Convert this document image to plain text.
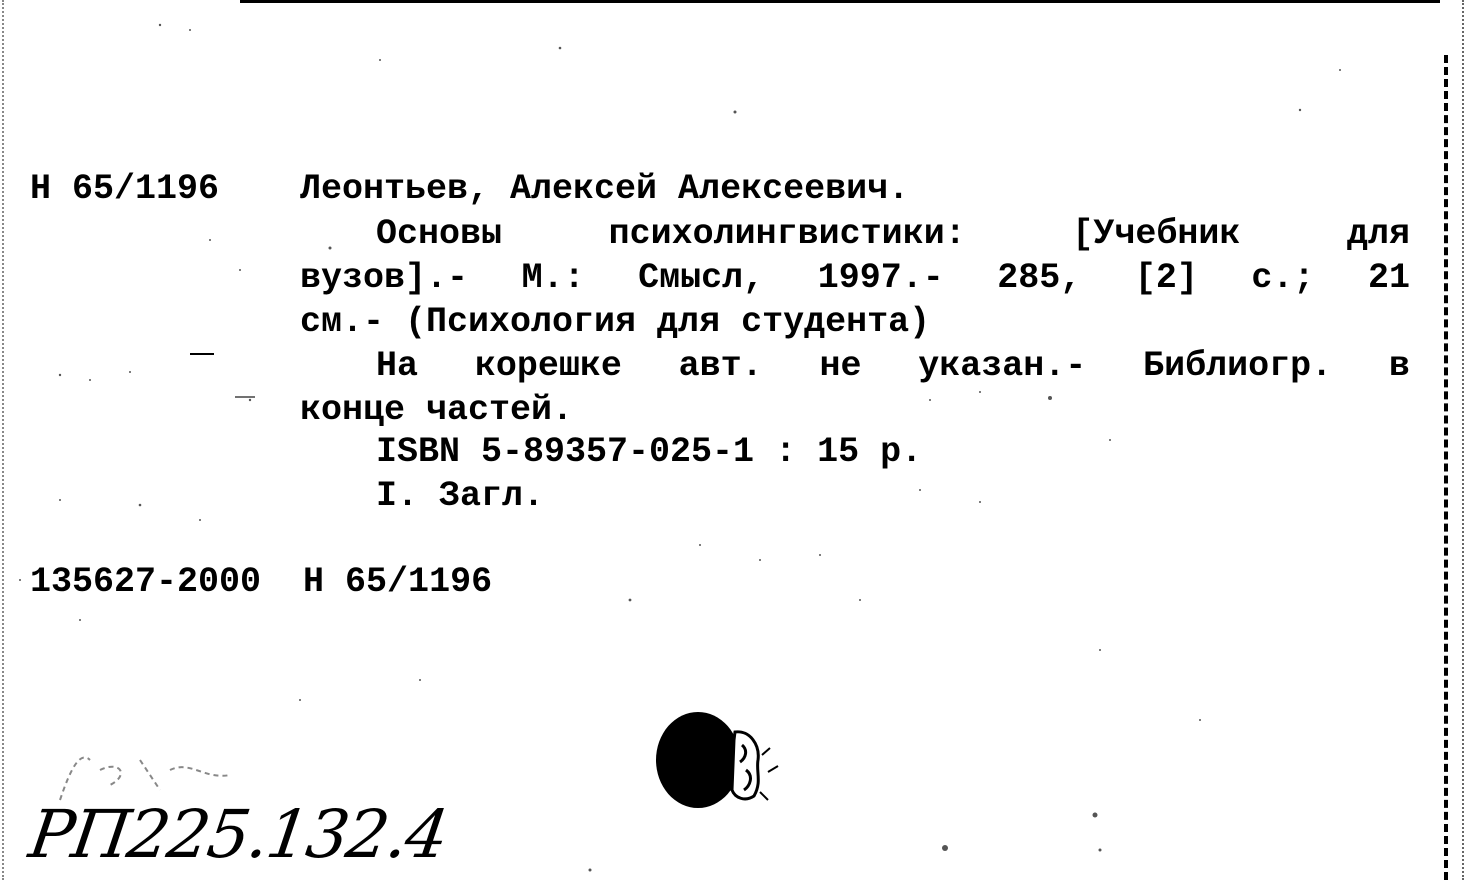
Н 65/1196 Леонтьев, Алексей Алексеевич.
Основы	психолингвистики:	[Учебник	для
вузов].- М.: Смысл, 1997.- 285, [2] с.; 21
см.- (Психология для студента)
На корешке авт. не указан.- Библиогр. в
конце частей.
ISBN 5-89357-025-1 : 15 р.
I. Загл.
135627-2000  Н 65/1196
РП225.132.4
